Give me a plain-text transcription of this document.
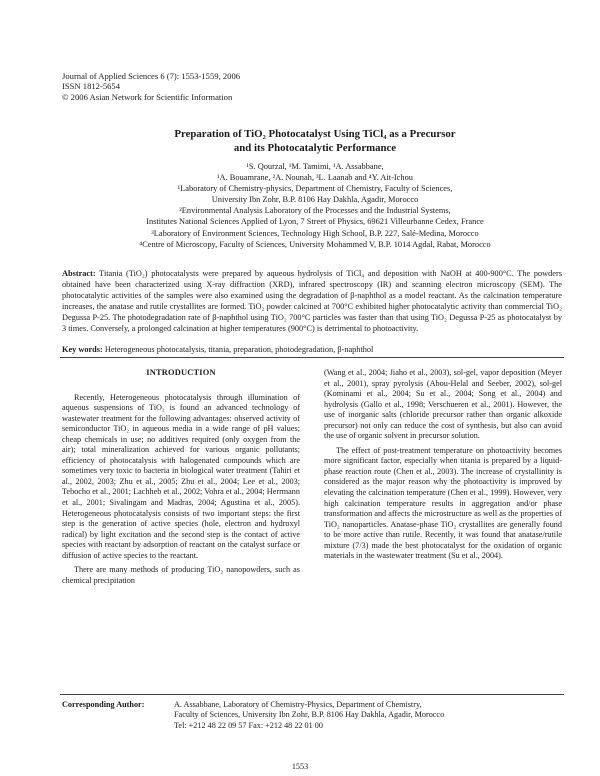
Journal of Applied Sciences 6 (7): 1553-1559, 2006
ISSN 1812-5654
© 2006 Asian Network for Scientific Information
Preparation of TiO₂ Photocatalyst Using TiCl₄ as a Precursor
and its Photocatalytic Performance
¹S. Qourzal, ¹M. Tamimi, ¹A. Assabbane,
¹A. Bouamrane, ²A. Nounah, ³L. Laanab and ⁴Y. Ait-Ichou
¹Laboratory of Chemistry-physics, Department of Chemistry, Faculty of Sciences,
University Ibn Zohr, B.P. 8106 Hay Dakhla, Agadir, Morocco
²Environmental Analysis Laboratory of the Processes and the Industrial Systems,
Institutes National Sciences Applied of Lyon, 7 Street of Physics, 69621 Villeurbanne Cedex, France
³Laboratory of Environment Sciences, Technology High School, B.P. 227, Salé-Medina, Morocco
⁴Centre of Microscopy, Faculty of Sciences, University Mohammed V, B.P. 1014 Agdal, Rabat, Morocco
Abstract: Titania (TiO₂) photocatalysts were prepared by aqueous hydrolysis of TiCl₄ and deposition with NaOH at 400-900°C. The powders obtained have been characterized using X-ray diffraction (XRD), infrared spectroscopy (IR) and scanning electron microscopy (SEM). The photocatalytic activities of the samples were also examined using the degradation of β-naphthol as a model reactant. As the calcination temperature increases, the anatase and rutile crystallites are formed. TiO₂ powder calcined at 700°C exhibited higher photocatalytic activity than commercial TiO₂ Degussa P-25. The photodegradation rate of β-naphthol using TiO₂ 700°C particles was faster than that using TiO₂ Degussa P-25 as photocatalyst by 3 times. Conversely, a prolonged calcination at higher temperatures (900°C) is detrimental to photoactivity.
Key words: Heterogeneous photocatalysis, titania, preparation, photodegradation, β-naphthol
INTRODUCTION

Recently, Heterogeneous photocatalysis through illumination of aqueous suspensions of TiO₂ is found an advanced technology of wastewater treatment for the following advantages: observed activity of semiconductor TiO₂ in aqueous media in a wide range of pH values; cheap chemicals in use; no additives required (only oxygen from the air); total mineralization achieved for various organic pollutants; efficiency of photocatalysis with halogenated compounds which are sometimes very toxic to bacteria in biological water treatment (Tahiri et al., 2002, 2003; Zhu et al., 2005; Zhu et al., 2004; Lee et al., 2003; Tebocho et al., 2001; Lachheb et al., 2002; Vohra et al., 2004; Herrmann et al., 2001; Sivalingam and Madras, 2004; Agustina et al., 2005). Heterogeneous photocatalysis consists of two important steps: the first step is the generation of active species (hole, electron and hydroxyl radical) by light excitation and the second step is the contact of active species with reactant by adsorption of reactant on the catalyst surface or diffusion of active species to the reactant.

There are many methods of producing TiO₂ nanopowders, such as chemical precipitation

(Wang et al., 2004; Jiaho et al., 2003), sol-gel, vapor deposition (Meyer et al., 2001), spray pyrolysis (Abou-Helal and Seeber, 2002), sol-gel (Kominami et al., 2004; Su et al., 2004; Song et al., 2004) and hydrolysis (Gallo et al., 1998; Verschueren et al., 2001). However, the use of inorganic salts (chloride precursor rather than organic alkoxide precursor) not only can reduce the cost of synthesis, but also can avoid the use of organic solvent in precursor solution.

The effect of post-treatment temperature on photoactivity becomes more significant factor, especially when titania is prepared by a liquid-phase reaction route (Chen et al., 2003). The increase of crystallinity is considered as the major reason why the photoactivity is improved by elevating the calcination temperature (Chen et al., 1999). However, very high calcination temperature results in aggregation and/or phase transformation and affects the microstructure as well as the properties of TiO₂ nanoparticles. Anatase-phase TiO₂ crystallites are generally found to be more active than rutile. Recently, it was found that anatase/rutile mixture (7/3) made the best photocatalyst for the oxidation of organic materials in the wastewater treatment (Su et al., 2004).

Corresponding Author:	A. Assabbane, Laboratory of Chemistry-Physics, Department of Chemistry,
Faculty of Sciences, University Ibn Zohr, B.P. 8106 Hay Dakhla, Agadir, Morocco
Tel: +212 48 22 09 57 Fax: +212 48 22 01 00
1553
